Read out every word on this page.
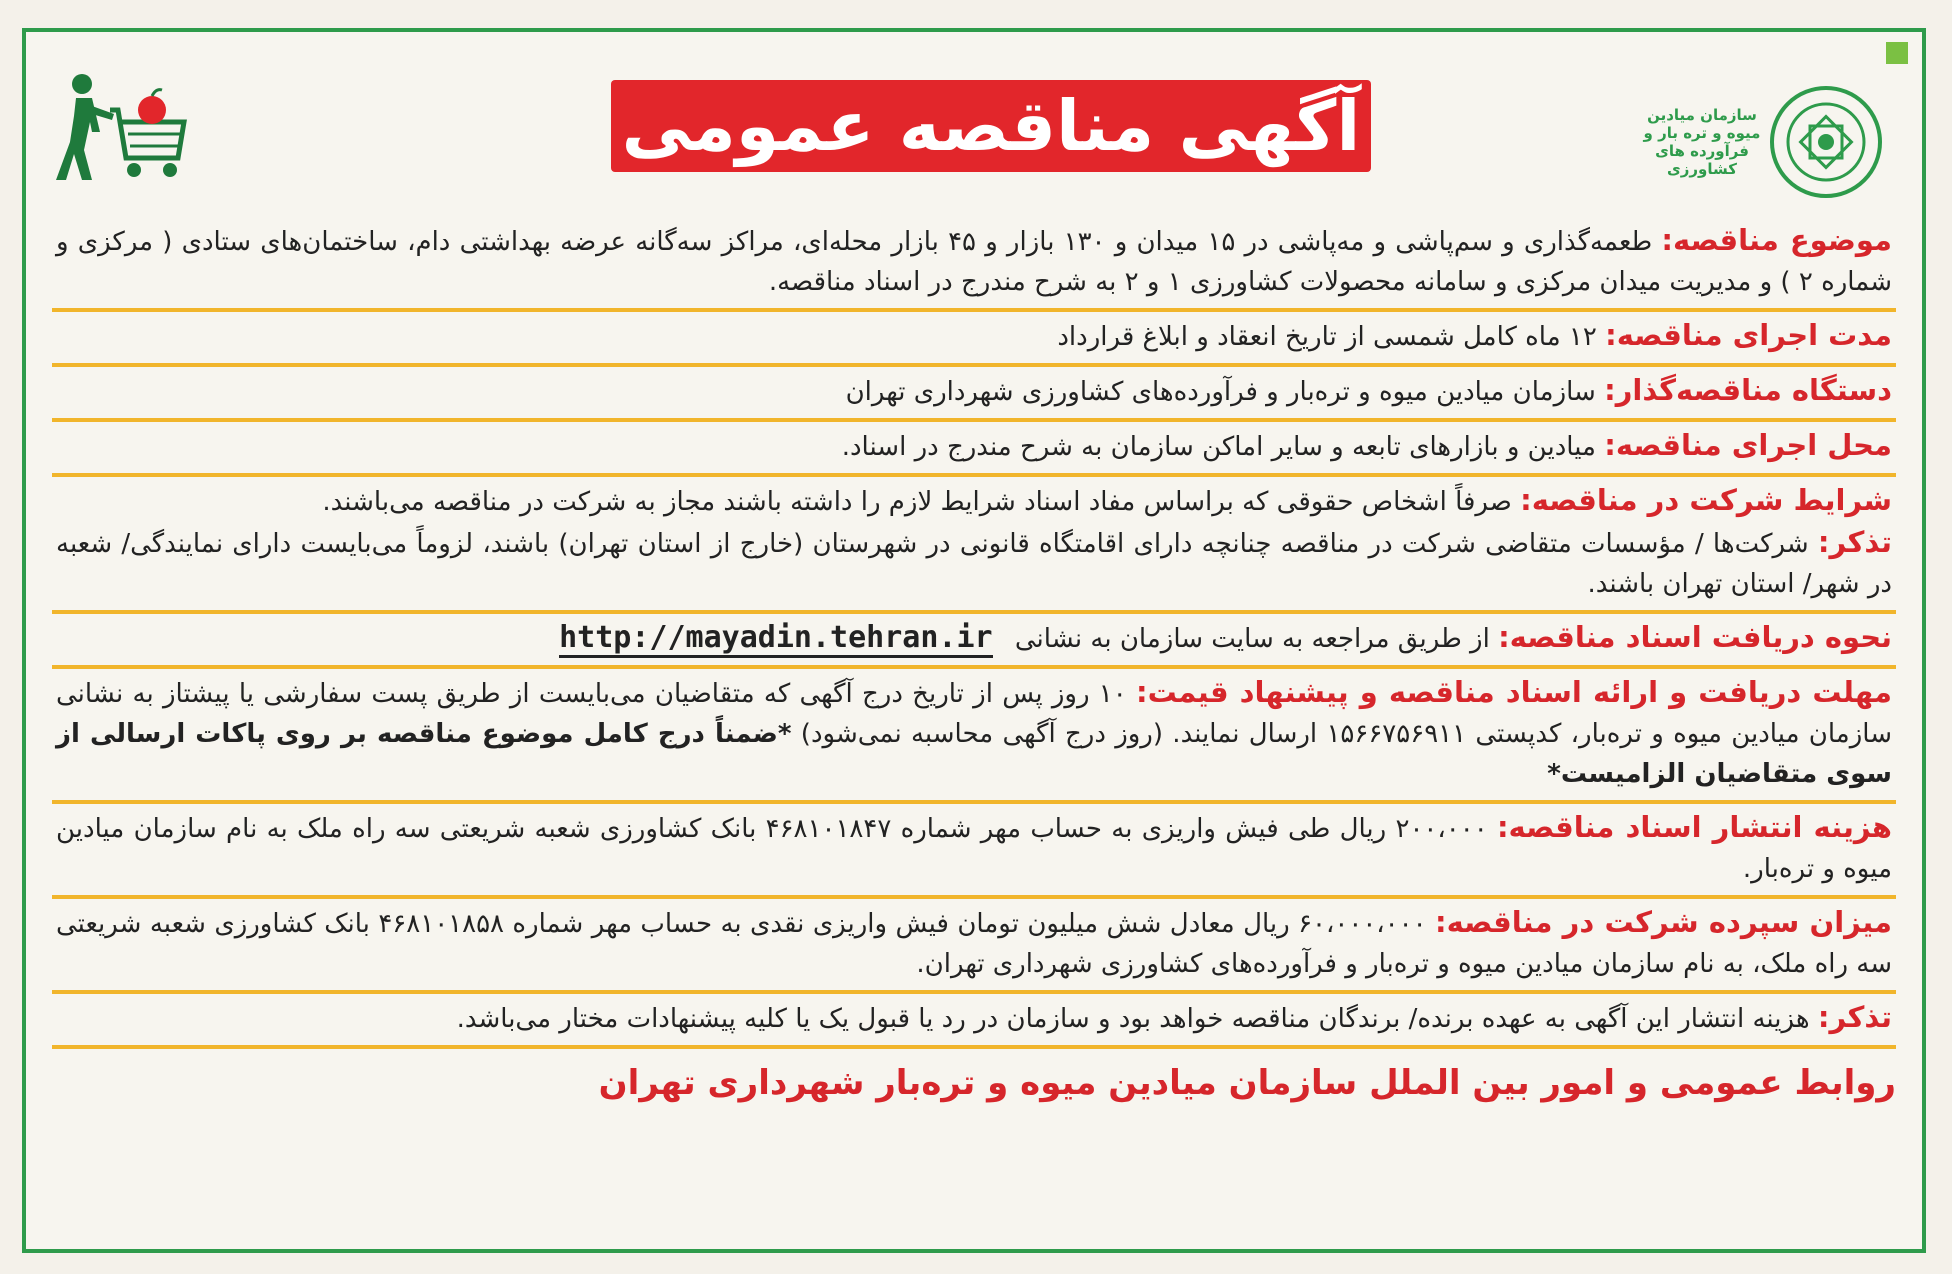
آگهی مناقصه عمومی	سازمان میادین میوه و تره بار و فرآورده های کشاورزی
موضوع مناقصه: طعمه‌گذاری و سم‌پاشی و مه‌پاشی در ۱۵ میدان و ۱۳۰ بازار و ۴۵ بازار محله‌ای، مراکز سه‌گانه عرضه بهداشتی دام، ساختمان‌های ستادی ( مرکزی و شماره ۲ ) و مدیریت میدان مرکزی و سامانه محصولات کشاورزی ۱ و ۲ به شرح مندرج در اسناد مناقصه.
مدت اجرای مناقصه: ۱۲ ماه کامل شمسی از تاریخ انعقاد و ابلاغ قرارداد
دستگاه مناقصه‌گذار: سازمان میادین میوه و تره‌بار و فرآورده‌های کشاورزی شهرداری تهران
محل اجرای مناقصه: میادین و بازارهای تابعه و سایر اماکن سازمان به شرح مندرج در اسناد.
شرایط شرکت در مناقصه: صرفاً اشخاص حقوقی که براساس مفاد اسناد شرایط لازم را داشته باشند مجاز به شرکت در مناقصه می‌باشند.
تذکر: شرکت‌ها / مؤسسات متقاضی شرکت در مناقصه چنانچه دارای اقامتگاه قانونی در شهرستان (خارج از استان تهران) باشند، لزوماً می‌بایست دارای نمایندگی/ شعبه در شهر/ استان تهران باشند.
نحوه دریافت اسناد مناقصه: از طریق مراجعه به سایت سازمان به نشانی http://mayadin.tehran.ir
مهلت دریافت و ارائه اسناد مناقصه و پیشنهاد قیمت: ۱۰ روز پس از تاریخ درج آگهی که متقاضیان می‌بایست از طریق پست سفارشی یا پیشتاز به نشانی سازمان میادین میوه و تره‌بار، کدپستی ۱۵۶۶۷۵۶۹۱۱ ارسال نمایند. (روز درج آگهی محاسبه نمی‌شود) *ضمناً درج کامل موضوع مناقصه بر روی پاکات ارسالی از سوی متقاضیان الزامیست*
هزینه انتشار اسناد مناقصه: ۲۰۰،۰۰۰ ریال طی فیش واریزی به حساب مهر شماره ۴۶۸۱۰۱۸۴۷ بانک کشاورزی شعبه شریعتی سه راه ملک به نام سازمان میادین میوه و تره‌بار.
میزان سپرده شرکت در مناقصه: ۶۰،۰۰۰،۰۰۰ ریال معادل شش میلیون تومان فیش واریزی نقدی به حساب مهر شماره ۴۶۸۱۰۱۸۵۸ بانک کشاورزی شعبه شریعتی سه راه ملک، به نام سازمان میادین میوه و تره‌بار و فرآورده‌های کشاورزی شهرداری تهران.
تذکر: هزینه انتشار این آگهی به عهده برنده/ برندگان مناقصه خواهد بود و سازمان در رد یا قبول یک یا کلیه پیشنهادات مختار می‌باشد.
روابط عمومی و امور بین الملل سازمان میادین میوه و تره‌بار شهرداری تهران
